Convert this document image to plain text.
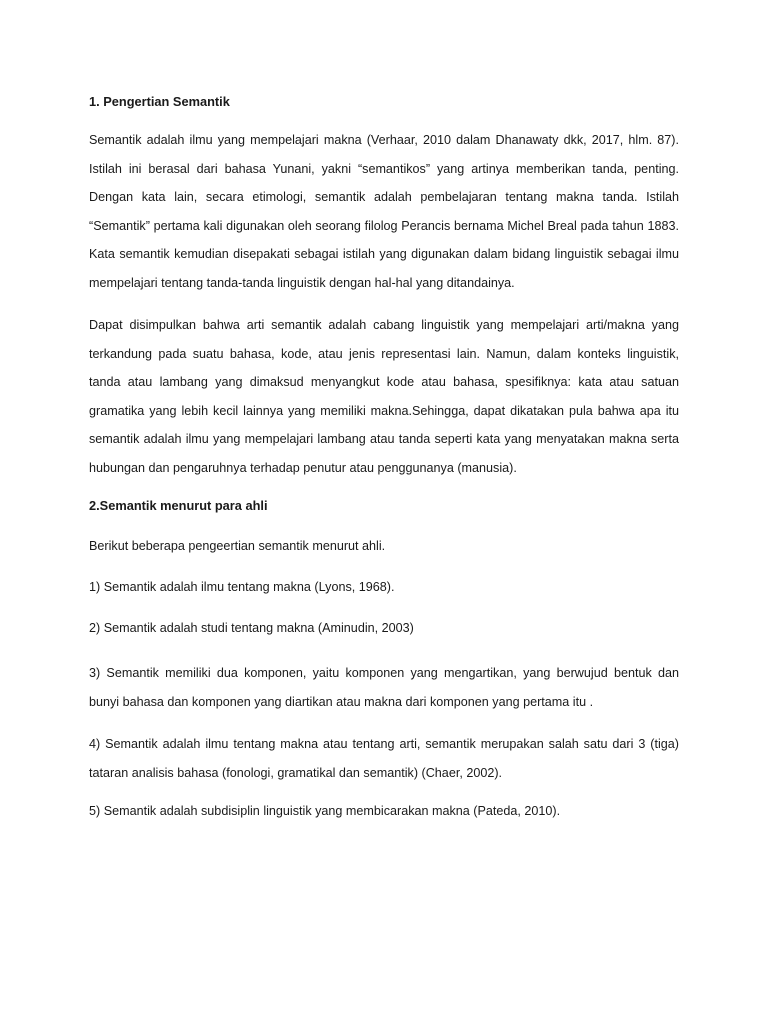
1. Pengertian Semantik

Semantik adalah ilmu yang mempelajari makna (Verhaar, 2010 dalam Dhanawaty dkk, 2017, hlm. 87). Istilah ini berasal dari bahasa Yunani, yakni “semantikos” yang artinya memberikan tanda, penting. Dengan kata lain, secara etimologi, semantik adalah pembelajaran tentang makna tanda. Istilah “Semantik” pertama kali digunakan oleh seorang filolog Perancis bernama Michel Breal pada tahun 1883. Kata semantik kemudian disepakati sebagai istilah yang digunakan dalam bidang linguistik sebagai ilmu mempelajari tentang tanda-tanda linguistik dengan hal-hal yang ditandainya.

Dapat disimpulkan bahwa arti semantik adalah cabang linguistik yang mempelajari arti/makna yang terkandung pada suatu bahasa, kode, atau jenis representasi lain. Namun, dalam konteks linguistik, tanda atau lambang yang dimaksud menyangkut kode atau bahasa, spesifiknya: kata atau satuan gramatika yang lebih kecil lainnya yang memiliki makna.Sehingga, dapat dikatakan pula bahwa apa itu semantik adalah ilmu yang mempelajari lambang atau tanda seperti kata yang menyatakan makna serta hubungan dan pengaruhnya terhadap penutur atau penggunanya (manusia).

2.Semantik menurut para ahli

Berikut beberapa pengeertian semantik menurut ahli.

1) Semantik adalah ilmu tentang makna (Lyons, 1968).

2) Semantik adalah studi tentang makna (Aminudin, 2003)

3) Semantik memiliki dua komponen, yaitu komponen yang mengartikan, yang berwujud bentuk dan bunyi bahasa dan komponen yang diartikan atau makna dari komponen yang pertama itu .

4) Semantik adalah ilmu tentang makna atau tentang arti, semantik merupakan salah satu dari 3 (tiga) tataran analisis bahasa (fonologi, gramatikal dan semantik) (Chaer, 2002).

5) Semantik adalah subdisiplin linguistik yang membicarakan makna (Pateda, 2010).
